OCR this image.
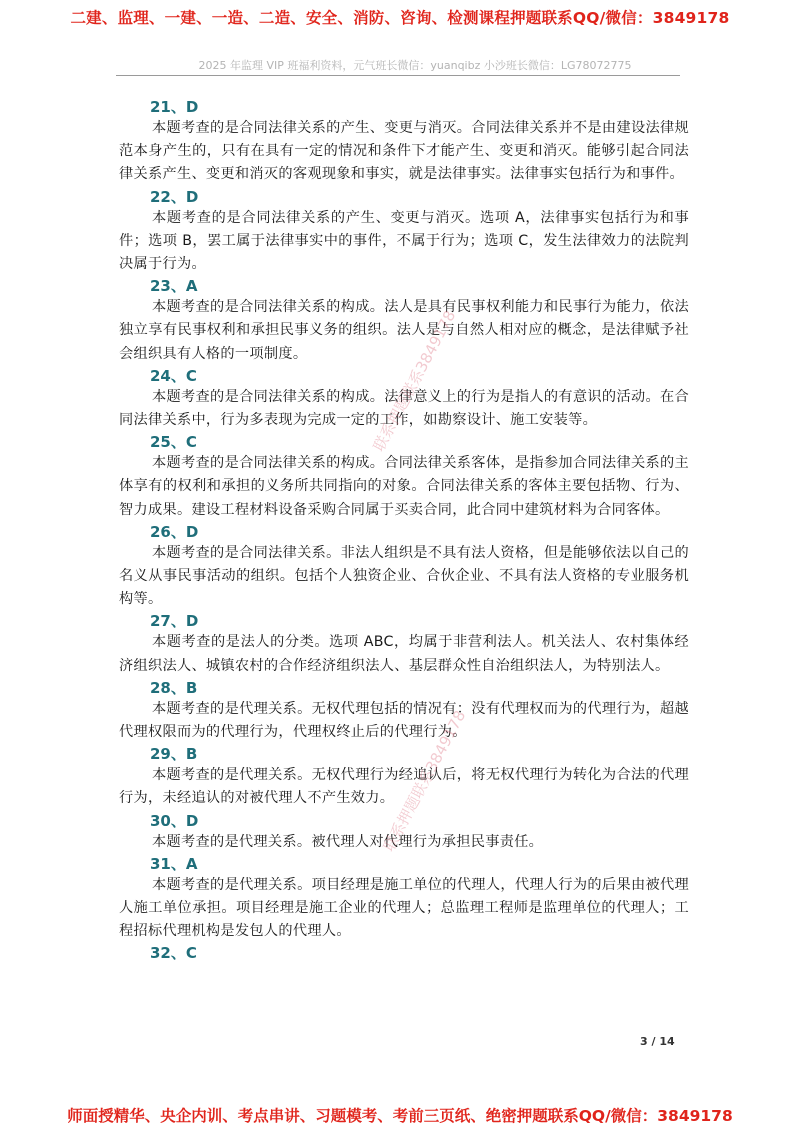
二建、监理、一建、一造、二造、安全、消防、咨询、检测课程押题联系QQ/微信：3849178
2025 年监理 VIP 班福利资料，元气班长微信：yuanqibz 小沙班长微信：LG78072775
21、D

本题考查的是合同法律关系的产生、变更与消灭。合同法律关系并不是由建设法律规范本身产生的，只有在具有一定的情况和条件下才能产生、变更和消灭。能够引起合同法律关系产生、变更和消灭的客观现象和事实，就是法律事实。法律事实包括行为和事件。

22、D

本题考查的是合同法律关系的产生、变更与消灭。选项 A，法律事实包括行为和事件；选项 B，罢工属于法律事实中的事件，不属于行为；选项 C，发生法律效力的法院判决属于行为。

23、A

本题考查的是合同法律关系的构成。法人是具有民事权利能力和民事行为能力，依法独立享有民事权利和承担民事义务的组织。法人是与自然人相对应的概念，是法律赋予社会组织具有人格的一项制度。

24、C

本题考查的是合同法律关系的构成。法律意义上的行为是指人的有意识的活动。在合同法律关系中，行为多表现为完成一定的工作，如勘察设计、施工安装等。

25、C

本题考查的是合同法律关系的构成。合同法律关系客体，是指参加合同法律关系的主体享有的权利和承担的义务所共同指向的对象。合同法律关系的客体主要包括物、行为、智力成果。建设工程材料设备采购合同属于买卖合同，此合同中建筑材料为合同客体。

26、D

本题考查的是合同法律关系。非法人组织是不具有法人资格，但是能够依法以自己的名义从事民事活动的组织。包括个人独资企业、合伙企业、不具有法人资格的专业服务机构等。

27、D

本题考查的是法人的分类。选项 ABC，均属于非营利法人。机关法人、农村集体经济组织法人、城镇农村的合作经济组织法人、基层群众性自治组织法人，为特别法人。

28、B

本题考查的是代理关系。无权代理包括的情况有：没有代理权而为的代理行为，超越代理权限而为的代理行为，代理权终止后的代理行为。

29、B

本题考查的是代理关系。无权代理行为经追认后，将无权代理行为转化为合法的代理行为，未经追认的对被代理人不产生效力。

30、D

本题考查的是代理关系。被代理人对代理行为承担民事责任。

31、A

本题考查的是代理关系。项目经理是施工单位的代理人，代理人行为的后果由被代理人施工单位承担。项目经理是施工企业的代理人；总监理工程师是监理单位的代理人；工程招标代理机构是发包人的代理人。

32、C
联系押题联系3849178
联系押题联系3849178
3 / 14
师面授精华、央企内训、考点串讲、习题模考、考前三页纸、绝密押题联系QQ/微信：3849178
